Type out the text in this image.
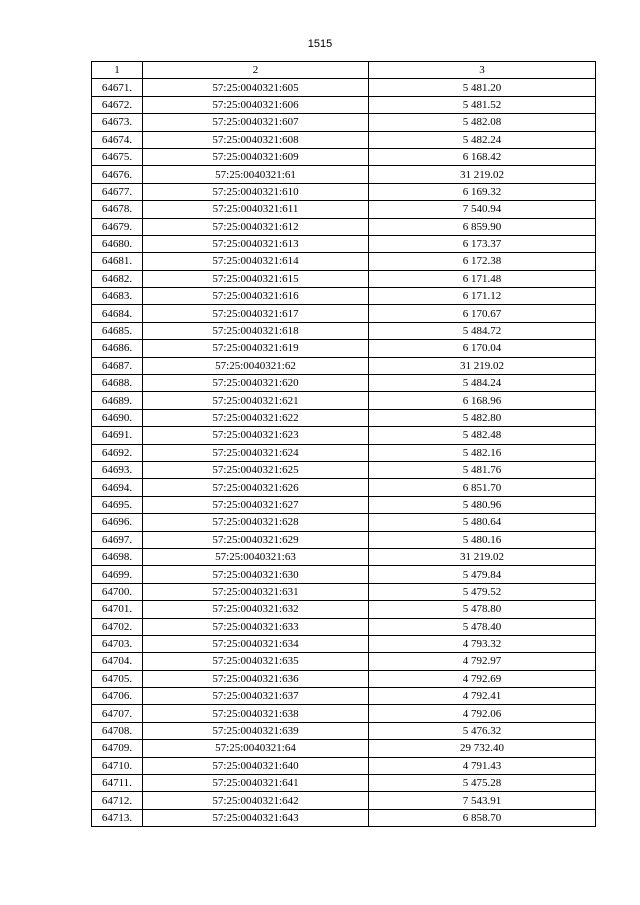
1515
1	2	3
64671.	57:25:0040321:605	5 481.20
64672.	57:25:0040321:606	5 481.52
64673.	57:25:0040321:607	5 482.08
64674.	57:25:0040321:608	5 482.24
64675.	57:25:0040321:609	6 168.42
64676.	57:25:0040321:61	31 219.02
64677.	57:25:0040321:610	6 169.32
64678.	57:25:0040321:611	7 540.94
64679.	57:25:0040321:612	6 859.90
64680.	57:25:0040321:613	6 173.37
64681.	57:25:0040321:614	6 172.38
64682.	57:25:0040321:615	6 171.48
64683.	57:25:0040321:616	6 171.12
64684.	57:25:0040321:617	6 170.67
64685.	57:25:0040321:618	5 484.72
64686.	57:25:0040321:619	6 170.04
64687.	57:25:0040321:62	31 219.02
64688.	57:25:0040321:620	5 484.24
64689.	57:25:0040321:621	6 168.96
64690.	57:25:0040321:622	5 482.80
64691.	57:25:0040321:623	5 482.48
64692.	57:25:0040321:624	5 482.16
64693.	57:25:0040321:625	5 481.76
64694.	57:25:0040321:626	6 851.70
64695.	57:25:0040321:627	5 480.96
64696.	57:25:0040321:628	5 480.64
64697.	57:25:0040321:629	5 480.16
64698.	57:25:0040321:63	31 219.02
64699.	57:25:0040321:630	5 479.84
64700.	57:25:0040321:631	5 479.52
64701.	57:25:0040321:632	5 478.80
64702.	57:25:0040321:633	5 478.40
64703.	57:25:0040321:634	4 793.32
64704.	57:25:0040321:635	4 792.97
64705.	57:25:0040321:636	4 792.69
64706.	57:25:0040321:637	4 792.41
64707.	57:25:0040321:638	4 792.06
64708.	57:25:0040321:639	5 476.32
64709.	57:25:0040321:64	29 732.40
64710.	57:25:0040321:640	4 791.43
64711.	57:25:0040321:641	5 475.28
64712.	57:25:0040321:642	7 543.91
64713.	57:25:0040321:643	6 858.70
